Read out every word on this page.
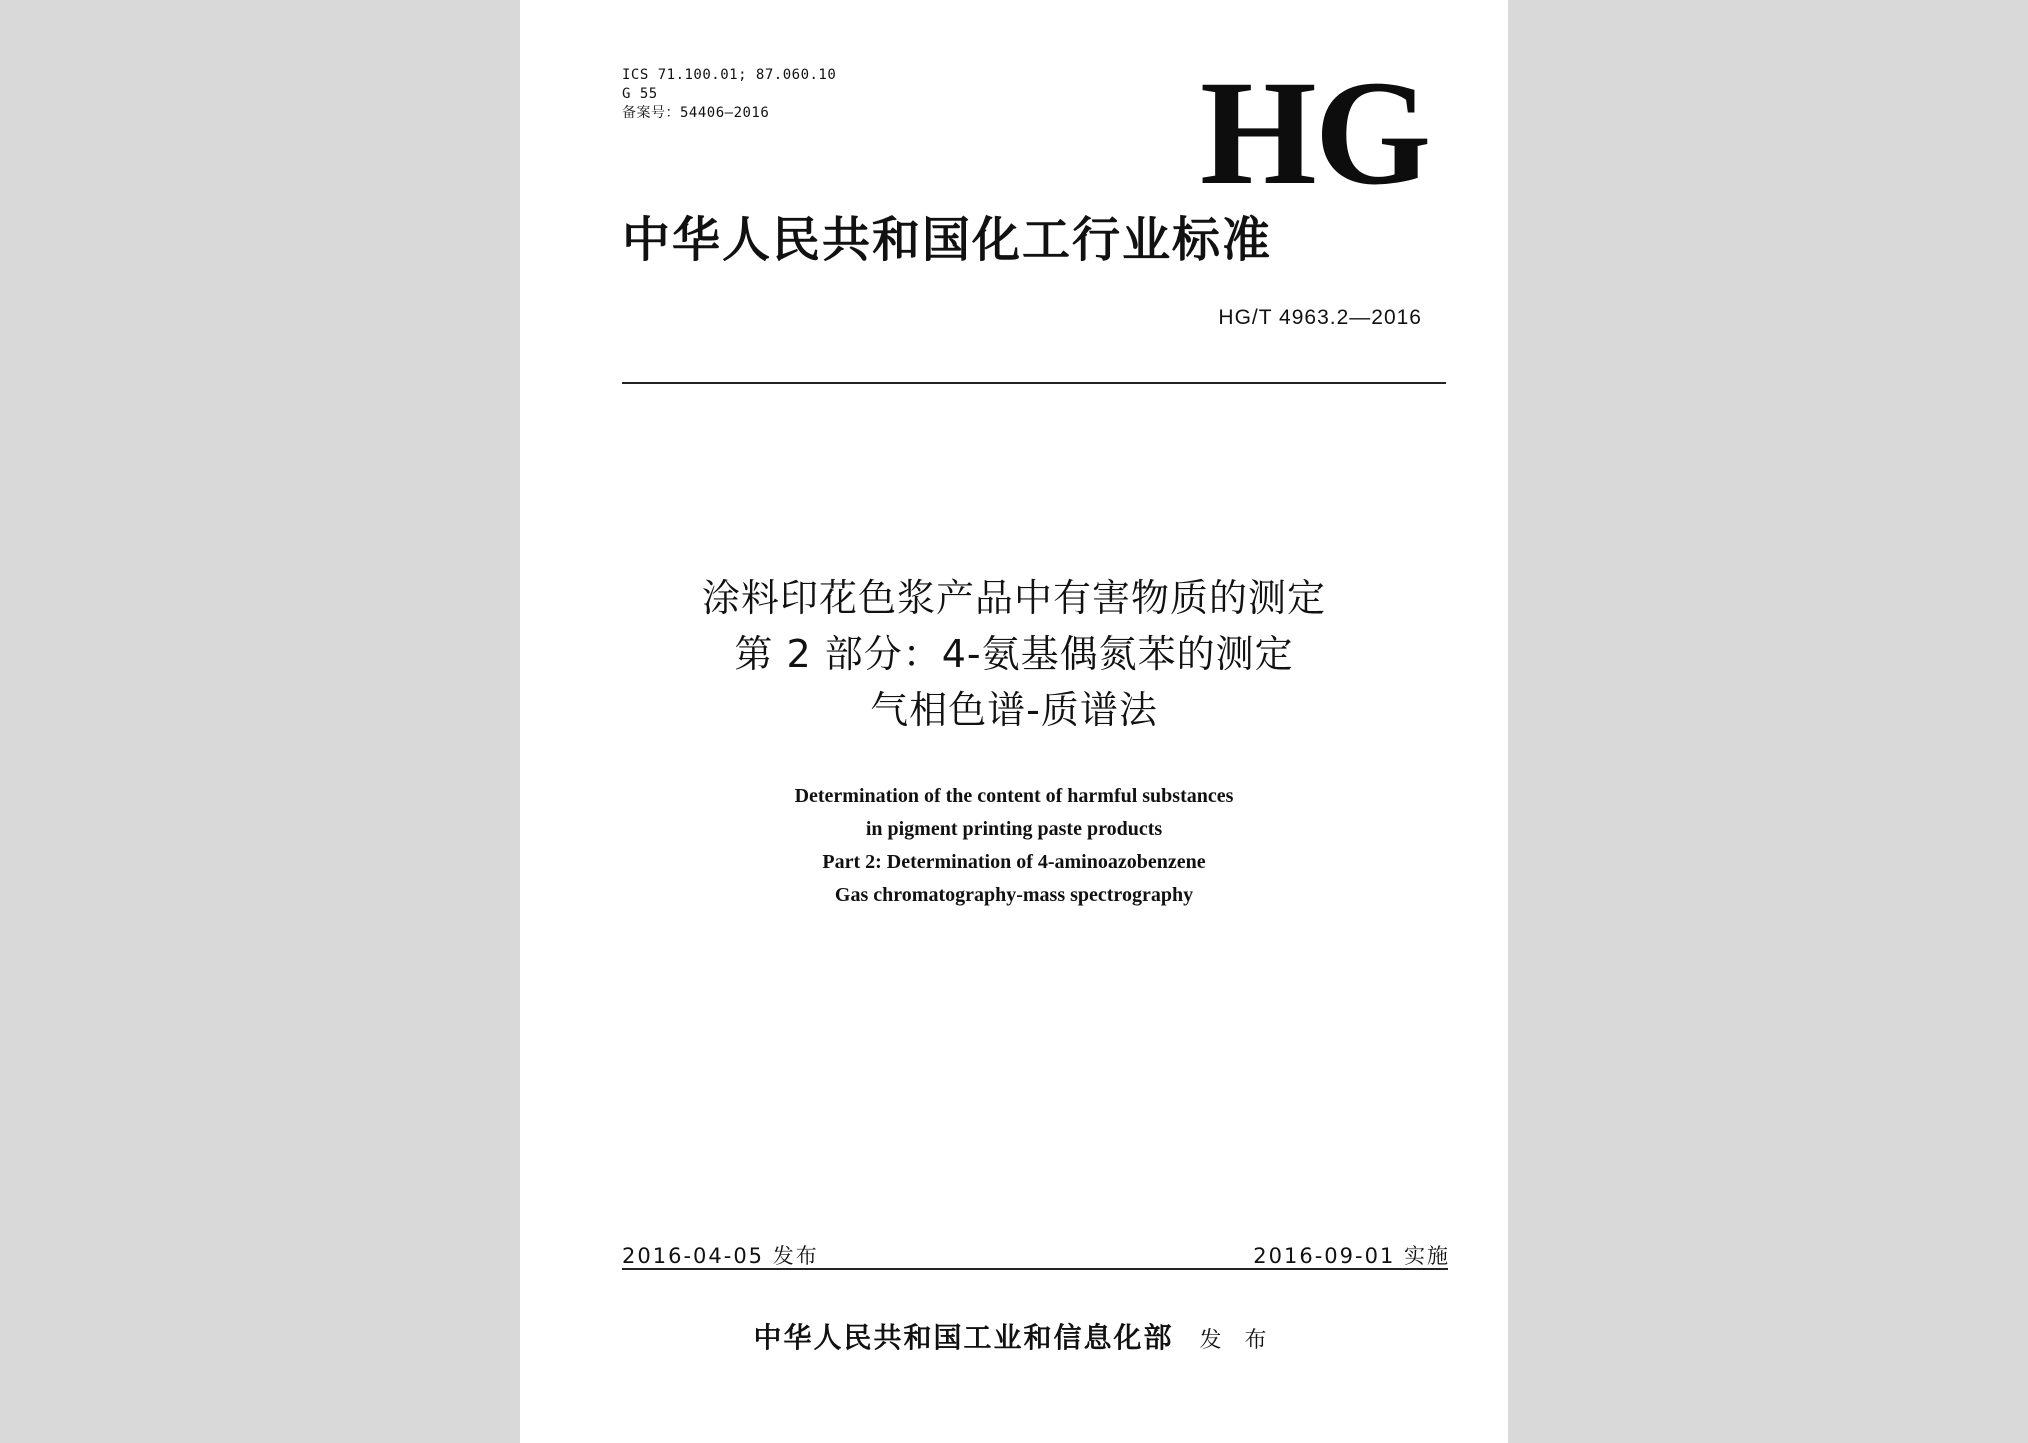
ICS 71.100.01; 87.060.10
G 55
备案号：54406—2016	HG
中华人民共和国化工行业标准
HG/T 4963.2—2016
涂料印花色浆产品中有害物质的测定
第 2 部分：4-氨基偶氮苯的测定
气相色谱-质谱法
Determination of the content of harmful substances
in pigment printing paste products
Part 2: Determination of 4-aminoazobenzene
Gas chromatography-mass spectrography
2016-04-05 发布	2016-09-01 实施
中华人民共和国工业和信息化部 发 布
